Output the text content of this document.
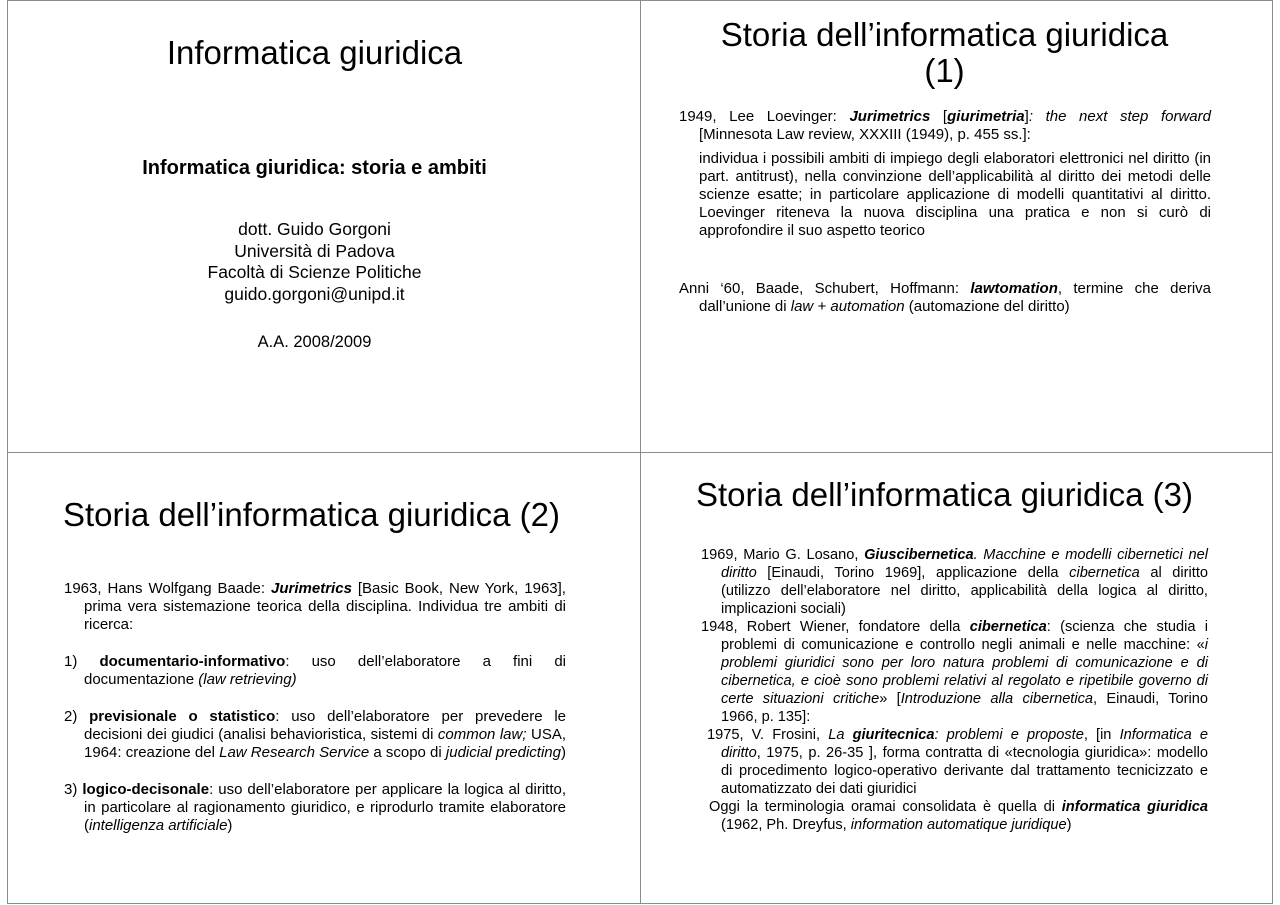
Informatica giuridica
Informatica giuridica: storia e ambiti
dott. Guido Gorgoni
Università di Padova
Facoltà di Scienze Politiche
guido.gorgoni@unipd.it
A.A. 2008/2009
Storia dell’informatica giuridica
(1)

1949, Lee Loevinger: Jurimetrics [giurimetria]: the next step forward [Minnesota Law review, XXXIII (1949), p. 455 ss.]:

individua i possibili ambiti di impiego degli elaboratori elettronici nel diritto (in part. antitrust), nella convinzione dell’applicabilità al diritto dei metodi delle scienze esatte; in particolare applicazione di modelli quantitativi al diritto. Loevinger riteneva la nuova disciplina una pratica e non si curò di approfondire il suo aspetto teorico

Anni ‘60, Baade, Schubert, Hoffmann: lawtomation, termine che deriva dall’unione di law + automation (automazione del diritto)

Storia dell’informatica giuridica (2)

1963, Hans Wolfgang Baade: Jurimetrics [Basic Book, New York, 1963], prima vera sistemazione teorica della disciplina. Individua tre ambiti di ricerca:

1) documentario-informativo: uso dell’elaboratore a fini di documentazione (law retrieving)

2) previsionale o statistico: uso dell’elaboratore per prevedere le decisioni dei giudici (analisi behavioristica, sistemi di common law; USA, 1964: creazione del Law Research Service a scopo di judicial predicting)

3) logico-decisonale: uso dell’elaboratore per applicare la logica al diritto, in particolare al ragionamento giuridico, e riprodurlo tramite elaboratore (intelligenza artificiale)

Storia dell’informatica giuridica (3)

1969, Mario G. Losano, Giuscibernetica. Macchine e modelli cibernetici nel diritto [Einaudi, Torino 1969], applicazione della cibernetica al diritto (utilizzo dell’elaboratore nel diritto, applicabilità della logica al diritto, implicazioni sociali)

1948, Robert Wiener, fondatore della cibernetica: (scienza che studia i problemi di comunicazione e controllo negli animali e nelle macchine: «i problemi giuridici sono per loro natura problemi di comunicazione e di cibernetica, e cioè sono problemi relativi al regolato e ripetibile governo di certe situazioni critiche» [Introduzione alla cibernetica, Einaudi, Torino 1966, p. 135]:

1975, V. Frosini, La giuritecnica: problemi e proposte, [in Informatica e diritto, 1975, p. 26-35 ], forma contratta di «tecnologia giuridica»: modello di procedimento logico-operativo derivante dal trattamento tecnicizzato e automatizzato dei dati giuridici

Oggi la terminologia oramai consolidata è quella di informatica giuridica (1962, Ph. Dreyfus, information automatique juridique)
